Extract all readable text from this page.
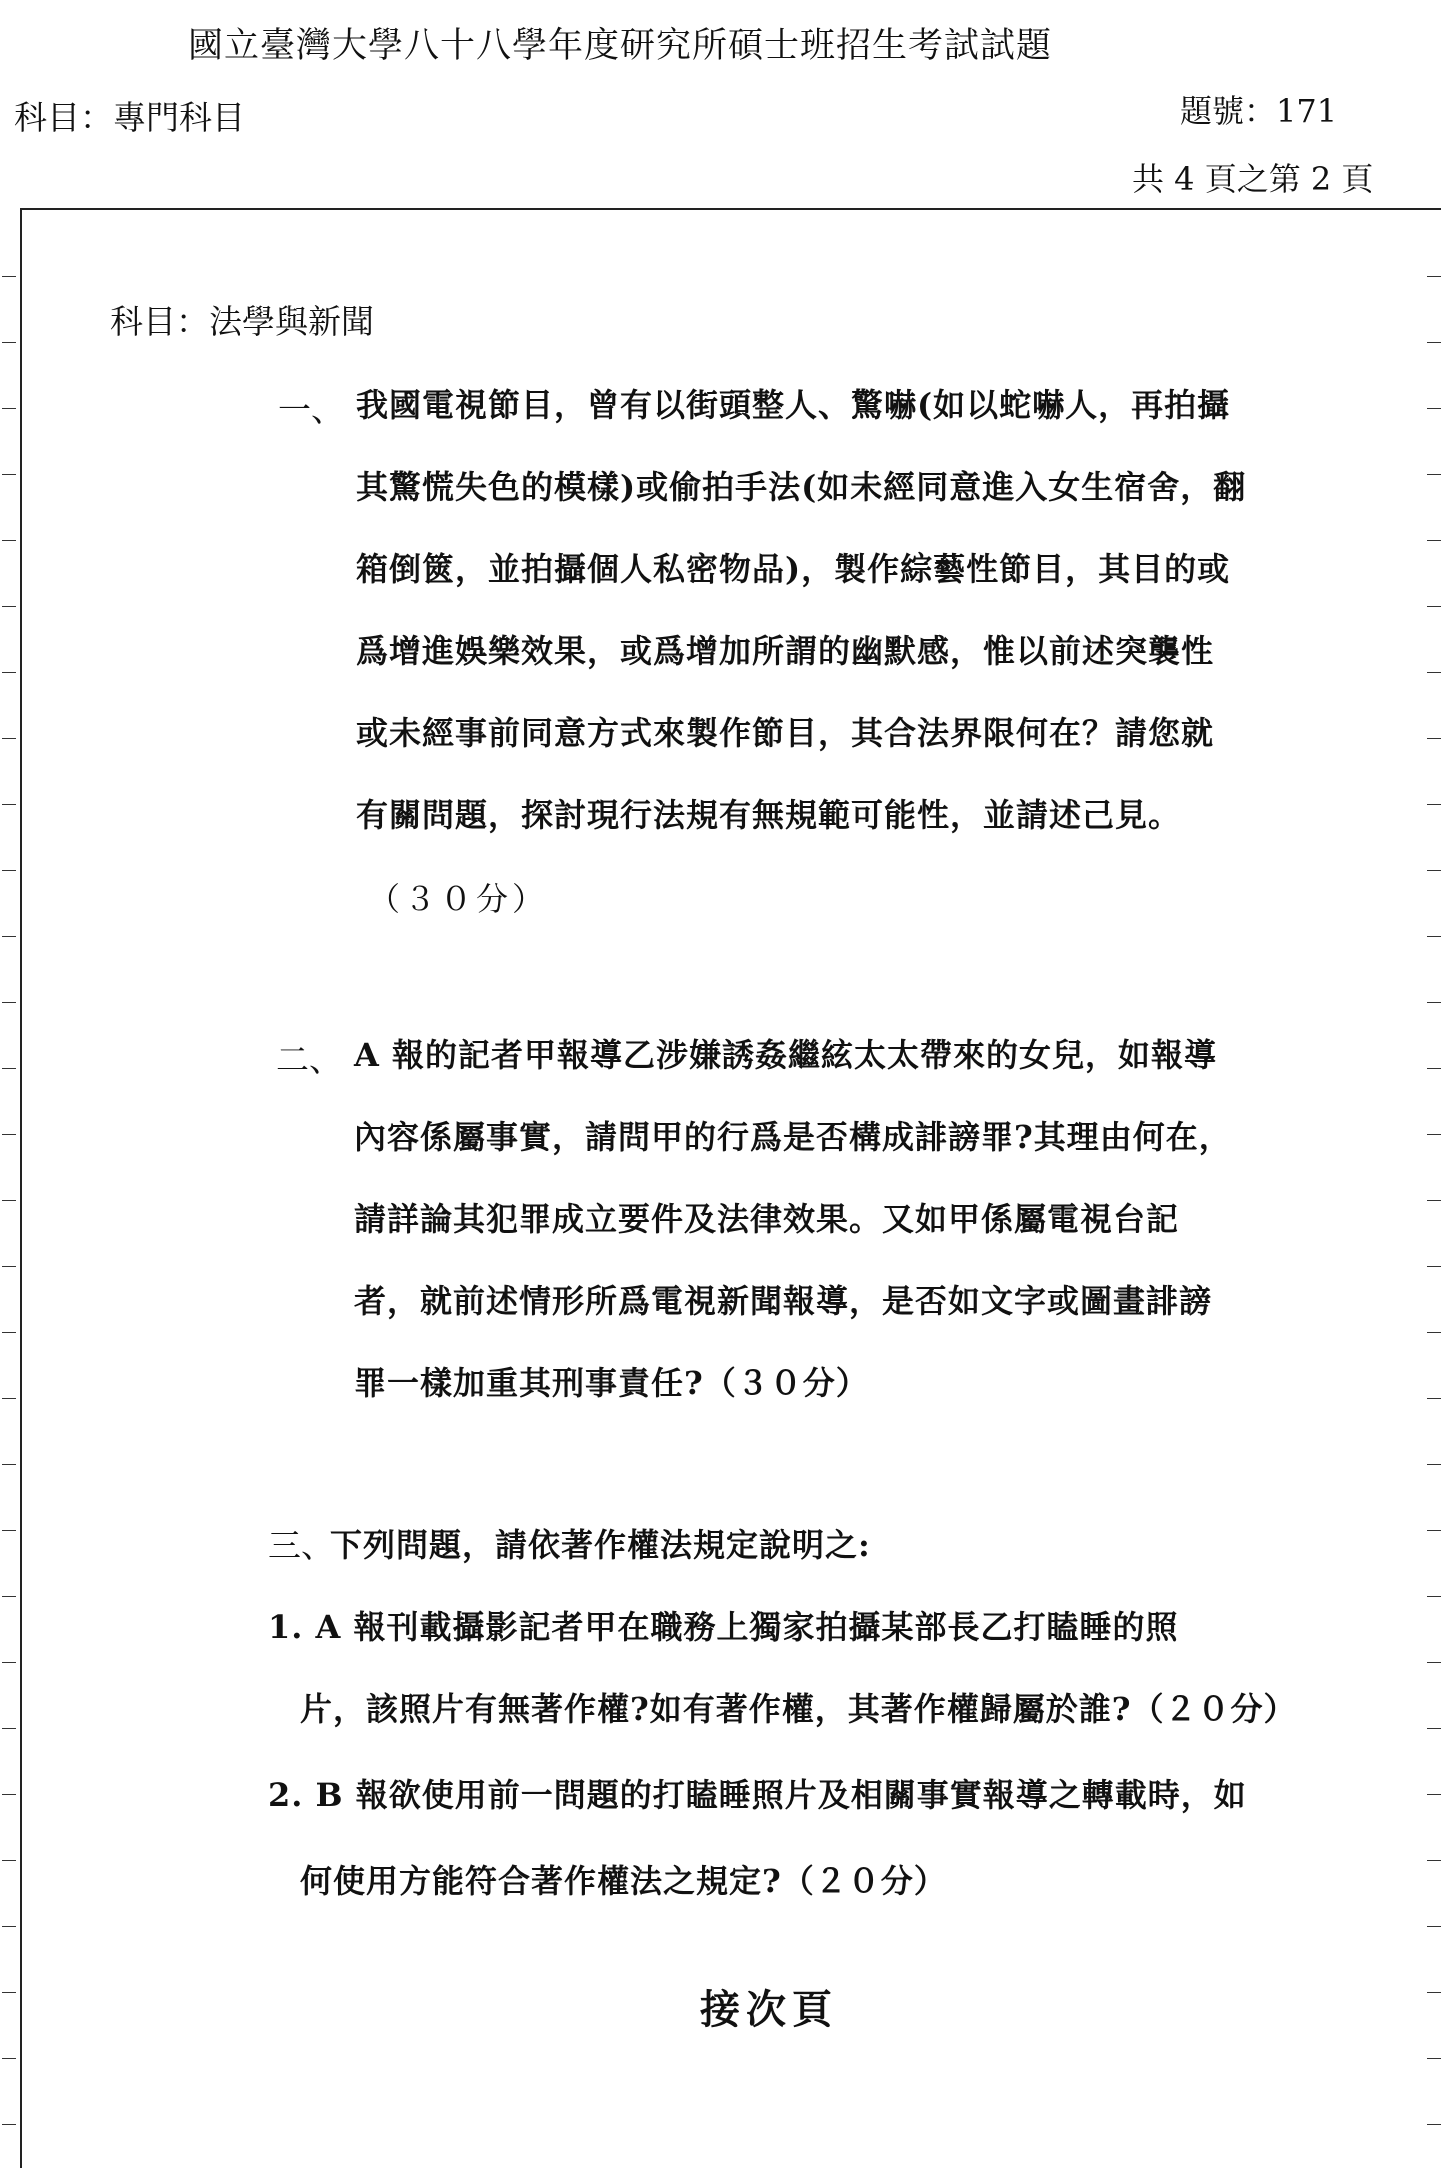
國立臺灣大學八十八學年度研究所碩士班招生考試試題
科目：專門科目	題號：171
共 4 頁之第 2 頁
科目：法學與新聞
一、 我國電視節目，曾有以街頭整人、驚嚇(如以蛇嚇人，再拍攝
其驚慌失色的模樣)或偷拍手法(如未經同意進入女生宿舍，翻
箱倒篋，並拍攝個人私密物品)，製作綜藝性節目，其目的或
爲增進娛樂效果，或爲增加所謂的幽默感，惟以前述突襲性
或未經事前同意方式來製作節目，其合法界限何在？請您就
有關問題，探討現行法規有無規範可能性，並請述己見。
（３０分）
二、 A 報的記者甲報導乙涉嫌誘姦繼絃太太帶來的女兒，如報導
內容係屬事實，請問甲的行爲是否構成誹謗罪?其理由何在，
請詳論其犯罪成立要件及法律效果。又如甲係屬電視台記
者，就前述情形所爲電視新聞報導，是否如文字或圖畫誹謗
罪一樣加重其刑事責任?（３０分）
三、
下列問題，請依著作權法規定說明之:
1. A 報刊載攝影記者甲在職務上獨家拍攝某部長乙打瞌睡的照
片，該照片有無著作權?如有著作權，其著作權歸屬於誰?（２０分）
2. B 報欲使用前一問題的打瞌睡照片及相關事實報導之轉載時，如
何使用方能符合著作權法之規定?（２０分）
接次頁
